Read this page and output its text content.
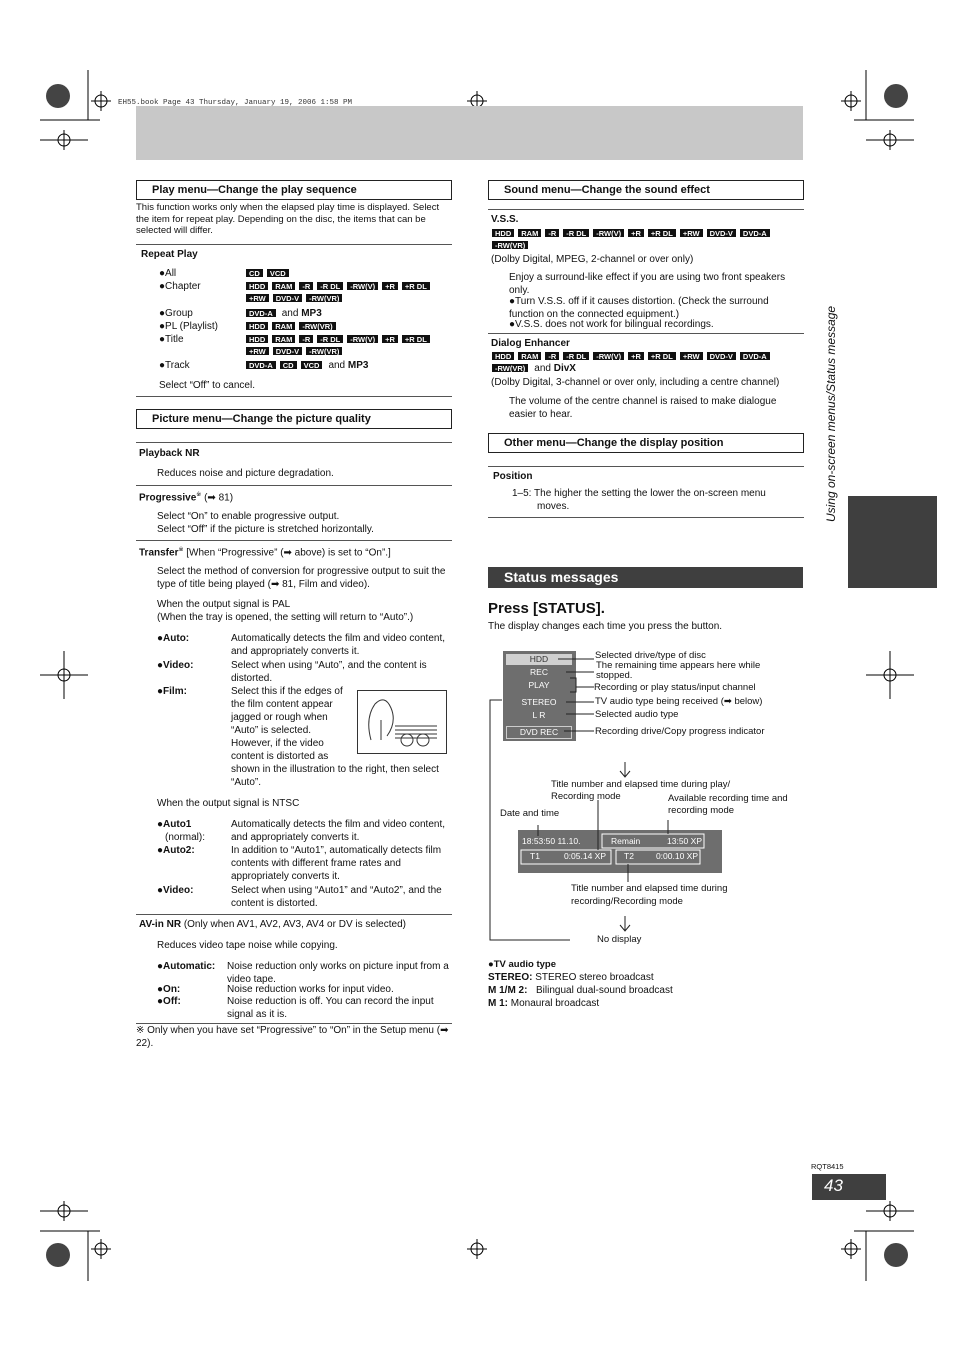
EH55.book Page 43 Thursday, January 19, 2006 1:58 PM
Play menu—Change the play sequence
This function works only when the elapsed play time is displayed. Select the item for repeat play. Depending on the disc, the items that can be selected will differ.
Repeat Play
●All	CD	VCD
●Chapter	HDD	RAM	-R	-R DL	-RW(V)	+R	+R DL
+RW	DVD-V	-RW(VR)
●Group	DVD-A and MP3
●PL (Playlist)	HDD	RAM	-RW(VR)
●Title	HDD	RAM	-R	-R DL	-RW(V)	+R	+R DL
+RW	DVD-V	-RW(VR)
●Track	DVD-A	CD	VCD and MP3
Select “Off” to cancel.
Picture menu—Change the picture quality
Playback NR
Reduces noise and picture degradation.
Progressive※ (➡ 81)
Select “On” to enable progressive output.
Select “Off” if the picture is stretched horizontally.
Transfer※ [When “Progressive” (➡ above) is set to “On”.]
Select the method of conversion for progressive output to suit the type of title being played (➡ 81, Film and video).
When the output signal is PAL
(When the tray is opened, the setting will return to “Auto”.)
●Auto:	Automatically detects the film and video content, and appropriately converts it.
●Video:	Select when using “Auto”, and the content is distorted.
●Film:	Select this if the edges of the film content appear jagged or rough when “Auto” is selected. However, if the video content is distorted as
shown in the illustration to the right, then select “Auto”.
When the output signal is NTSC
●Auto1
(normal):
Automatically detects the film and video content, and appropriately converts it.
●Auto2:	In addition to “Auto1”, automatically detects film contents with different frame rates and appropriately converts it.
●Video:	Select when using “Auto1” and “Auto2”, and the content is distorted.
AV-in NR (Only when AV1, AV2, AV3, AV4 or DV is selected)
Reduces video tape noise while copying.
●Automatic:	Noise reduction only works on picture input from a video tape.
●On:	Noise reduction works for input video.
●Off:	Noise reduction is off. You can record the input signal as it is.
※ Only when you have set “Progressive” to “On” in the Setup menu (➡ 22).
Sound menu—Change the sound effect
V.S.S.
HDD	RAM	-R	-R DL	-RW(V)	+R	+R DL	+RW	DVD-V	DVD-A
-RW(VR)
(Dolby Digital, MPEG, 2-channel or over only)
Enjoy a surround-like effect if you are using two front speakers only.
●Turn V.S.S. off if it causes distortion. (Check the surround function on the connected equipment.)
●V.S.S. does not work for bilingual recordings.
Dialog Enhancer
HDD	RAM	-R	-R DL	-RW(V)	+R	+R DL	+RW	DVD-V	DVD-A
-RW(VR) and DivX
(Dolby Digital, 3-channel or over only, including a centre channel)
The volume of the centre channel is raised to make dialogue easier to hear.
Other menu—Change the display position
Position
1–5: The higher the setting the lower the on-screen menu moves.
Status messages
Press [STATUS].
The display changes each time you press the button.
HDD
REC
PLAY
STEREO
L R
DVD REC
Selected drive/type of disc
The remaining time appears here while stopped.
Recording or play status/input channel
TV audio type being received (➡ below)
Selected audio type
Recording drive/Copy progress indicator
Title number and elapsed time during play/ Recording mode	Available recording time and recording mode
Date and time
18:53:50 11.10.	Remain	13:50 XP
T1	0:05.14 XP T2	0:00.10 XP
Title number and elapsed time during recording/Recording mode
No display
●TV audio type
STEREO:
STEREO stereo broadcast
M 1/M 2: Bilingual dual-sound broadcast
M 1:
Monaural broadcast
Using on-screen menus/Status message
RQT8415
43
